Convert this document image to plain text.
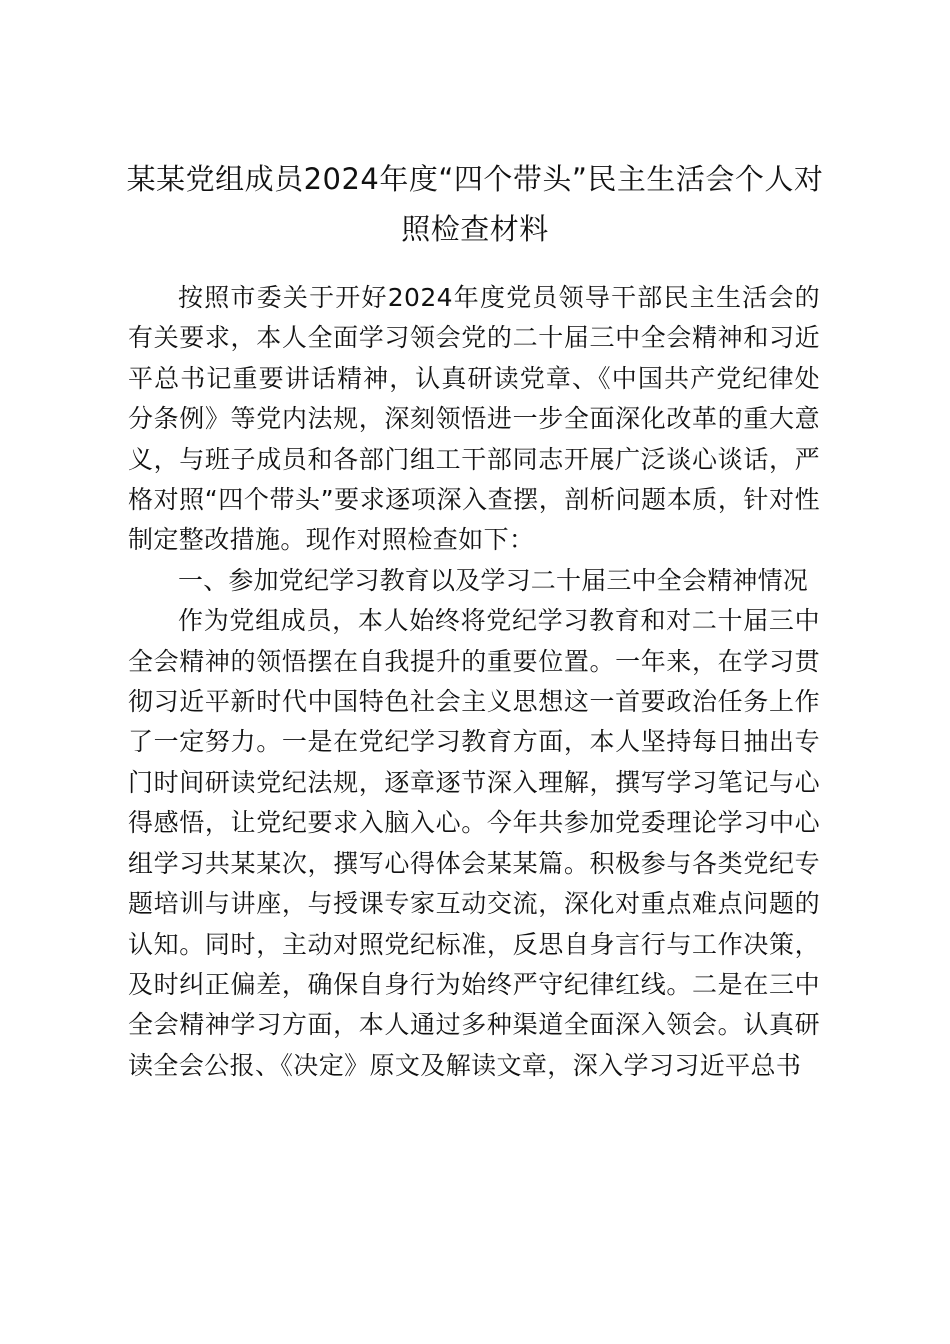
某某党组成员2024年度“四个带头”民主生活会个人对照检查材料

按照市委关于开好2024年度党员领导干部民主生活会的有关要求，本人全面学习领会党的二十届三中全会精神和习近平总书记重要讲话精神，认真研读党章、《中国共产党纪律处分条例》等党内法规，深刻领悟进一步全面深化改革的重大意义，与班子成员和各部门组工干部同志开展广泛谈心谈话，严格对照“四个带头”要求逐项深入查摆，剖析问题本质，针对性制定整改措施。现作对照检查如下：

一、参加党纪学习教育以及学习二十届三中全会精神情况

作为党组成员，本人始终将党纪学习教育和对二十届三中全会精神的领悟摆在自我提升的重要位置。一年来，在学习贯彻习近平新时代中国特色社会主义思想这一首要政治任务上作了一定努力。一是在党纪学习教育方面，本人坚持每日抽出专门时间研读党纪法规，逐章逐节深入理解，撰写学习笔记与心得感悟，让党纪要求入脑入心。今年共参加党委理论学习中心组学习共某某次，撰写心得体会某某篇。积极参与各类党纪专题培训与讲座，与授课专家互动交流，深化对重点难点问题的认知。同时，主动对照党纪标准，反思自身言行与工作决策，及时纠正偏差，确保自身行为始终严守纪律红线。二是在三中全会精神学习方面，本人通过多种渠道全面深入领会。认真研读全会公报、《决定》原文及解读文章，深入学习习近平总书
